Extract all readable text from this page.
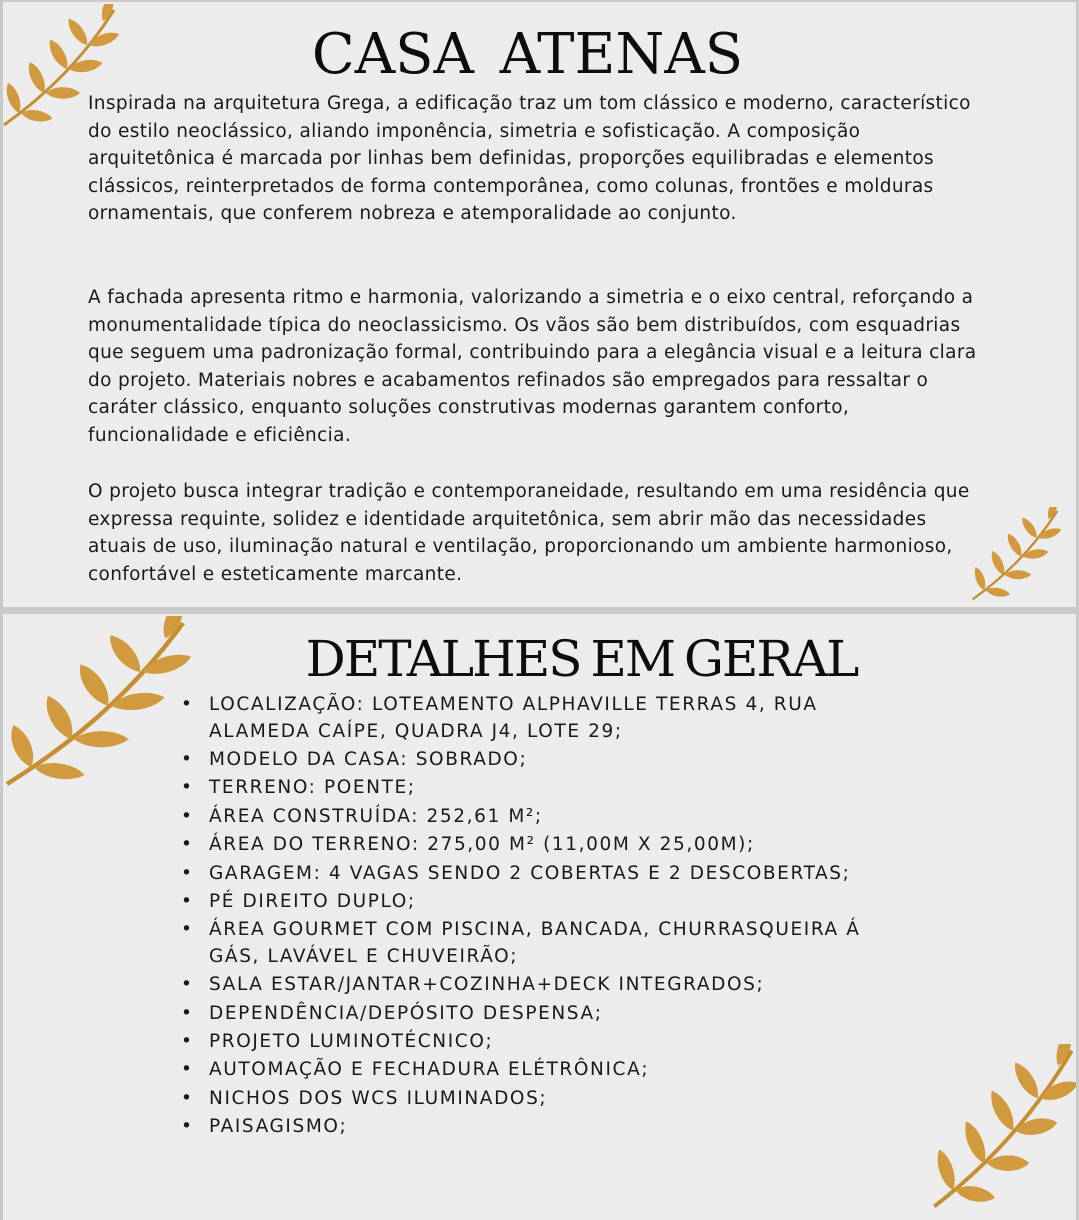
CASA ATENAS

Inspirada na arquitetura Grega, a edificação traz um tom clássico e moderno, característico do estilo neoclássico, aliando imponência, simetria e sofisticação. A composição arquitetônica é marcada por linhas bem definidas, proporções equilibradas e elementos clássicos, reinterpretados de forma contemporânea, como colunas, frontões e molduras ornamentais, que conferem nobreza e atemporalidade ao conjunto.

A fachada apresenta ritmo e harmonia, valorizando a simetria e o eixo central, reforçando a monumentalidade típica do neoclassicismo. Os vãos são bem distribuídos, com esquadrias que seguem uma padronização formal, contribuindo para a elegância visual e a leitura clara do projeto. Materiais nobres e acabamentos refinados são empregados para ressaltar o caráter clássico, enquanto soluções construtivas modernas garantem conforto, funcionalidade e eficiência.

O projeto busca integrar tradição e contemporaneidade, resultando em uma residência que expressa requinte, solidez e identidade arquitetônica, sem abrir mão das necessidades atuais de uso, iluminação natural e ventilação, proporcionando um ambiente harmonioso, confortável e esteticamente marcante.

DETALHES EM GERAL
• LOCALIZAÇÃO: LOTEAMENTO ALPHAVILLE TERRAS 4, RUA ALAMEDA CAÍPE, QUADRA J4, LOTE 29;
• MODELO DA CASA: SOBRADO;
• TERRENO: POENTE;
• ÁREA CONSTRUÍDA: 252,61 M²;
• ÁREA DO TERRENO: 275,00 M² (11,00M X 25,00M);
• GARAGEM: 4 VAGAS SENDO 2 COBERTAS E 2 DESCOBERTAS;
• PÉ DIREITO DUPLO;
• ÁREA GOURMET COM PISCINA, BANCADA, CHURRASQUEIRA Á GÁS, LAVÁVEL E CHUVEIRÃO;
• SALA ESTAR/JANTAR+COZINHA+DECK INTEGRADOS;
• DEPENDÊNCIA/DEPÓSITO DESPENSA;
• PROJETO LUMINOTÉCNICO;
• AUTOMAÇÃO E FECHADURA ELÉTRÔNICA;
• NICHOS DOS WCS ILUMINADOS;
• PAISAGISMO;
